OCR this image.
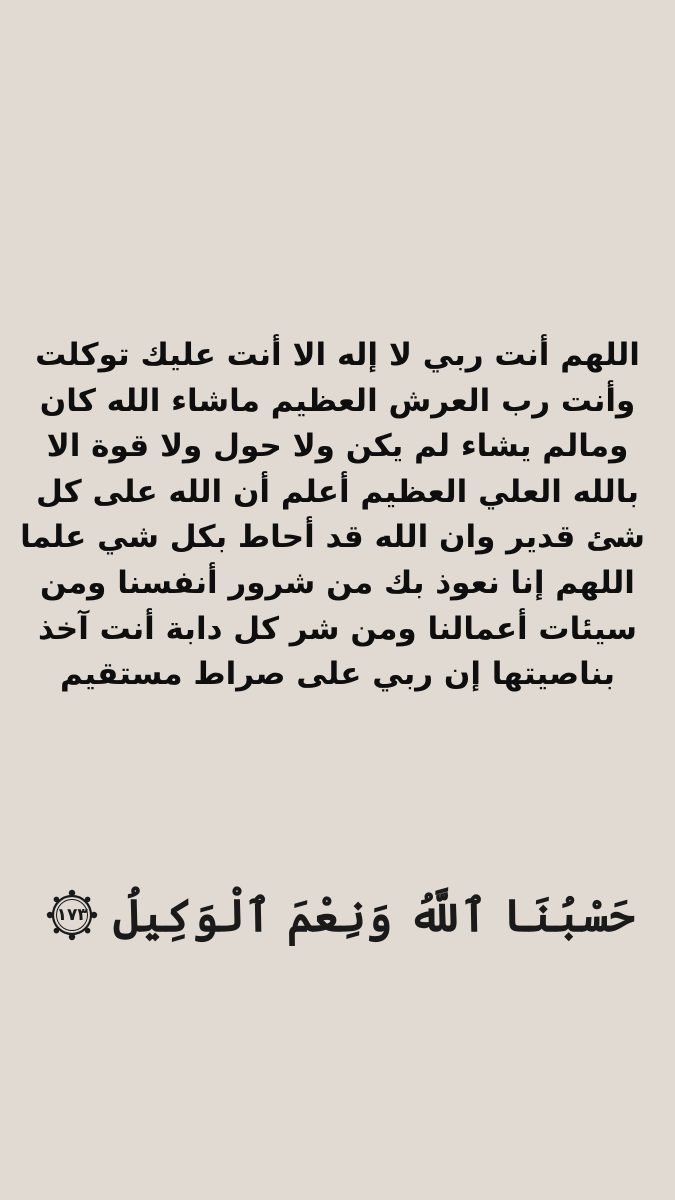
اللهم أنت ربي لا إله الا أنت عليك توكلت
وأنت رب العرش العظيم ماشاء الله كان
ومالم يشاء لم يكن ولا حول ولا قوة الا
بالله العلي العظيم أعلم أن الله على كل
شئ قدير وان الله قد أحاط بكل شي علما
اللهم إنا نعوذ بك من شرور أنفسنا ومن
سيئات أعمالنا ومن شر كل دابة أنت آخذ
بناصيتها إن ربي على صراط مستقيم
حَسْبُنَا ٱللَّهُ وَنِعْمَ ٱلْوَكِيلُ
١٧٣
